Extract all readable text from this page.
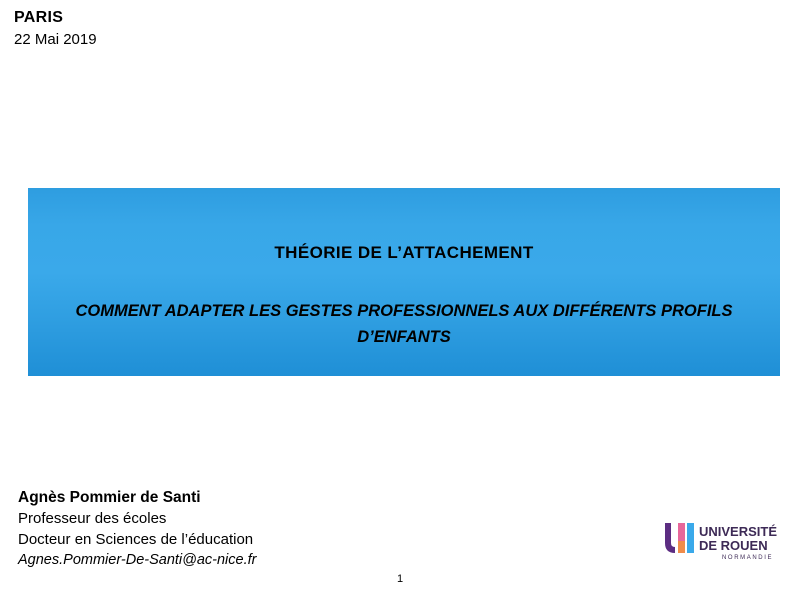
PARIS
22 Mai 2019
THÉORIE DE L’ATTACHEMENT
COMMENT ADAPTER LES GESTES PROFESSIONNELS AUX DIFFÉRENTS PROFILS D’ENFANTS
Agnès Pommier de Santi
Professeur des écoles
Docteur en Sciences de l’éducation
Agnes.Pommier-De-Santi@ac-nice.fr
1
UNIVERSITÉ
DE ROUEN
NORMANDIE
